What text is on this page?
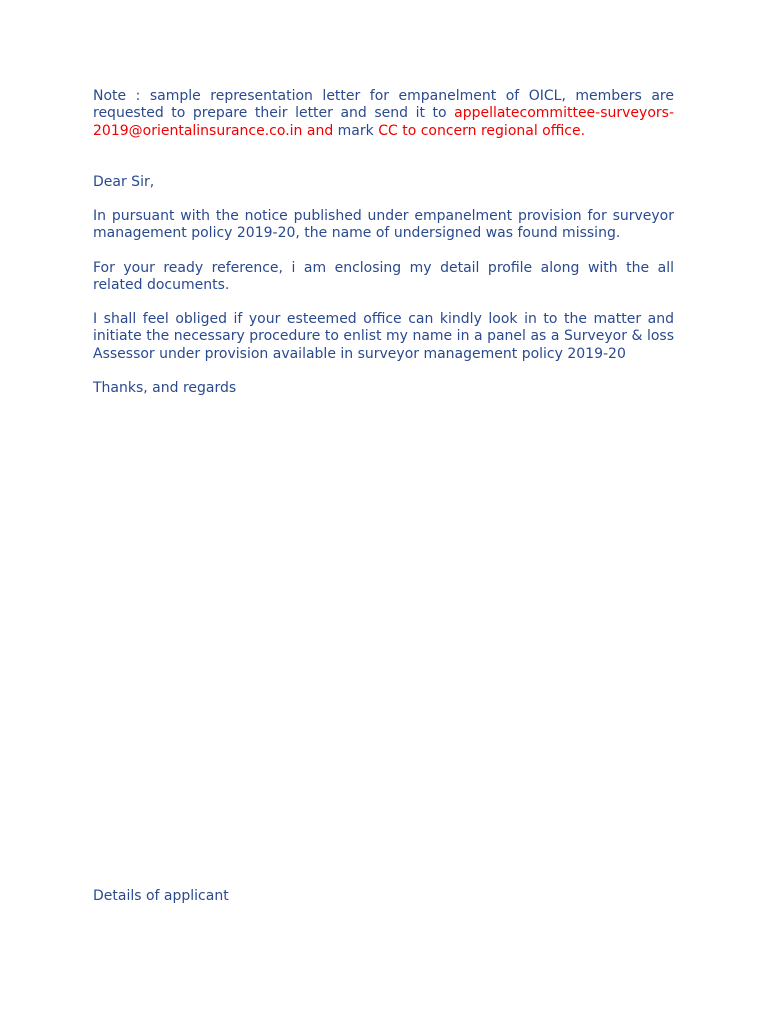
Note : sample representation letter for empanelment of OICL, members are requested to prepare their letter and send it to appellatecommittee-surveyors-2019@orientalinsurance.co.in and mark CC to concern regional office.

Dear Sir,

In pursuant with the notice published under empanelment provision for surveyor management policy 2019-20, the name of undersigned was found missing.

For your ready reference, i am enclosing my detail profile along with the all related documents.

I shall feel obliged if your esteemed office can kindly look in to the matter and initiate the necessary procedure to enlist my name in a panel as a Surveyor & loss Assessor under provision available in surveyor management policy 2019-20

Thanks, and regards

Details of applicant
